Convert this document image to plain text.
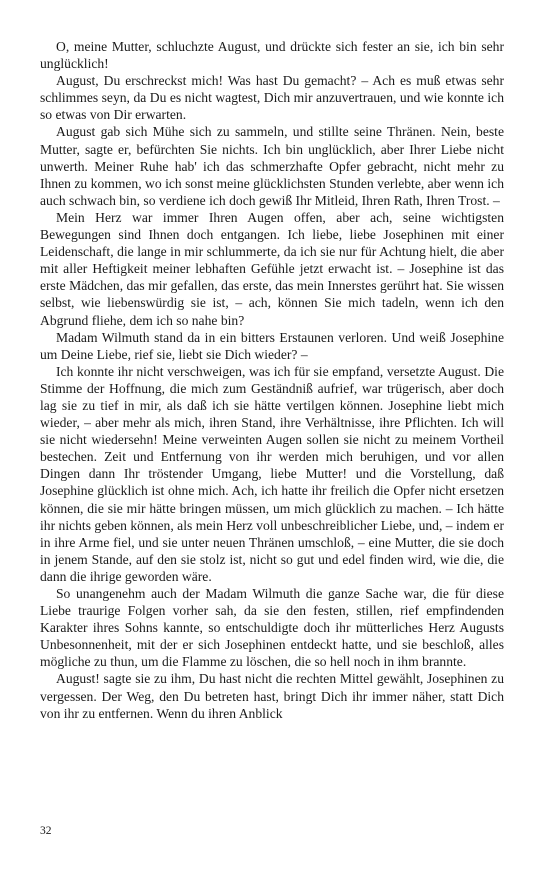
O, meine Mutter, schluchzte August, und drückte sich fester an sie, ich bin sehr unglücklich!

August, Du erschreckst mich! Was hast Du gemacht? – Ach es muß etwas sehr schlimmes seyn, da Du es nicht wagtest, Dich mir anzuvertrauen, und wie konnte ich so etwas von Dir erwarten.

August gab sich Mühe sich zu sammeln, und stillte seine Thränen. Nein, beste Mutter, sagte er, befürchten Sie nichts. Ich bin unglücklich, aber Ihrer Liebe nicht unwerth. Meiner Ruhe hab' ich das schmerzhafte Opfer gebracht, nicht mehr zu Ihnen zu kommen, wo ich sonst meine glücklichsten Stunden verlebte, aber wenn ich auch schwach bin, so verdiene ich doch gewiß Ihr Mitleid, Ihren Rath, Ihren Trost. –

Mein Herz war immer Ihren Augen offen, aber ach, seine wichtigsten Bewegungen sind Ihnen doch entgangen. Ich liebe, liebe Josephinen mit einer Leidenschaft, die lange in mir schlummerte, da ich sie nur für Achtung hielt, die aber mit aller Heftigkeit meiner lebhaften Gefühle jetzt erwacht ist. – Josephine ist das erste Mädchen, das mir gefallen, das erste, das mein Innerstes gerührt hat. Sie wissen selbst, wie liebenswürdig sie ist, – ach, können Sie mich tadeln, wenn ich den Abgrund fliehe, dem ich so nahe bin?

Madam Wilmuth stand da in ein bitters Erstaunen verloren. Und weiß Josephine um Deine Liebe, rief sie, liebt sie Dich wieder? –

Ich konnte ihr nicht verschweigen, was ich für sie empfand, versetzte August. Die Stimme der Hoffnung, die mich zum Geständniß aufrief, war trügerisch, aber doch lag sie zu tief in mir, als daß ich sie hätte vertilgen können. Josephine liebt mich wieder, – aber mehr als mich, ihren Stand, ihre Verhältnisse, ihre Pflichten. Ich will sie nicht wiedersehn! Meine verweinten Augen sollen sie nicht zu meinem Vortheil bestechen. Zeit und Entfernung von ihr werden mich beruhigen, und vor allen Dingen dann Ihr tröstender Umgang, liebe Mutter! und die Vorstellung, daß Josephine glücklich ist ohne mich. Ach, ich hatte ihr freilich die Opfer nicht ersetzen können, die sie mir hätte bringen müssen, um mich glücklich zu machen. – Ich hätte ihr nichts geben können, als mein Herz voll unbeschreiblicher Liebe, und, – indem er in ihre Arme fiel, und sie unter neuen Thränen umschloß, – eine Mutter, die sie doch in jenem Stande, auf den sie stolz ist, nicht so gut und edel finden wird, wie die, die dann die ihrige geworden wäre.

So unangenehm auch der Madam Wilmuth die ganze Sache war, die für diese Liebe traurige Folgen vorher sah, da sie den festen, stillen, rief empfindenden Karakter ihres Sohns kannte, so entschuldigte doch ihr mütterliches Herz Augusts Unbesonnenheit, mit der er sich Josephinen entdeckt hatte, und sie beschloß, alles mögliche zu thun, um die Flamme zu löschen, die so hell noch in ihm brannte.

August! sagte sie zu ihm, Du hast nicht die rechten Mittel gewählt, Josephinen zu vergessen. Der Weg, den Du betreten hast, bringt Dich ihr immer näher, statt Dich von ihr zu entfernen. Wenn du ihren Anblick

32
